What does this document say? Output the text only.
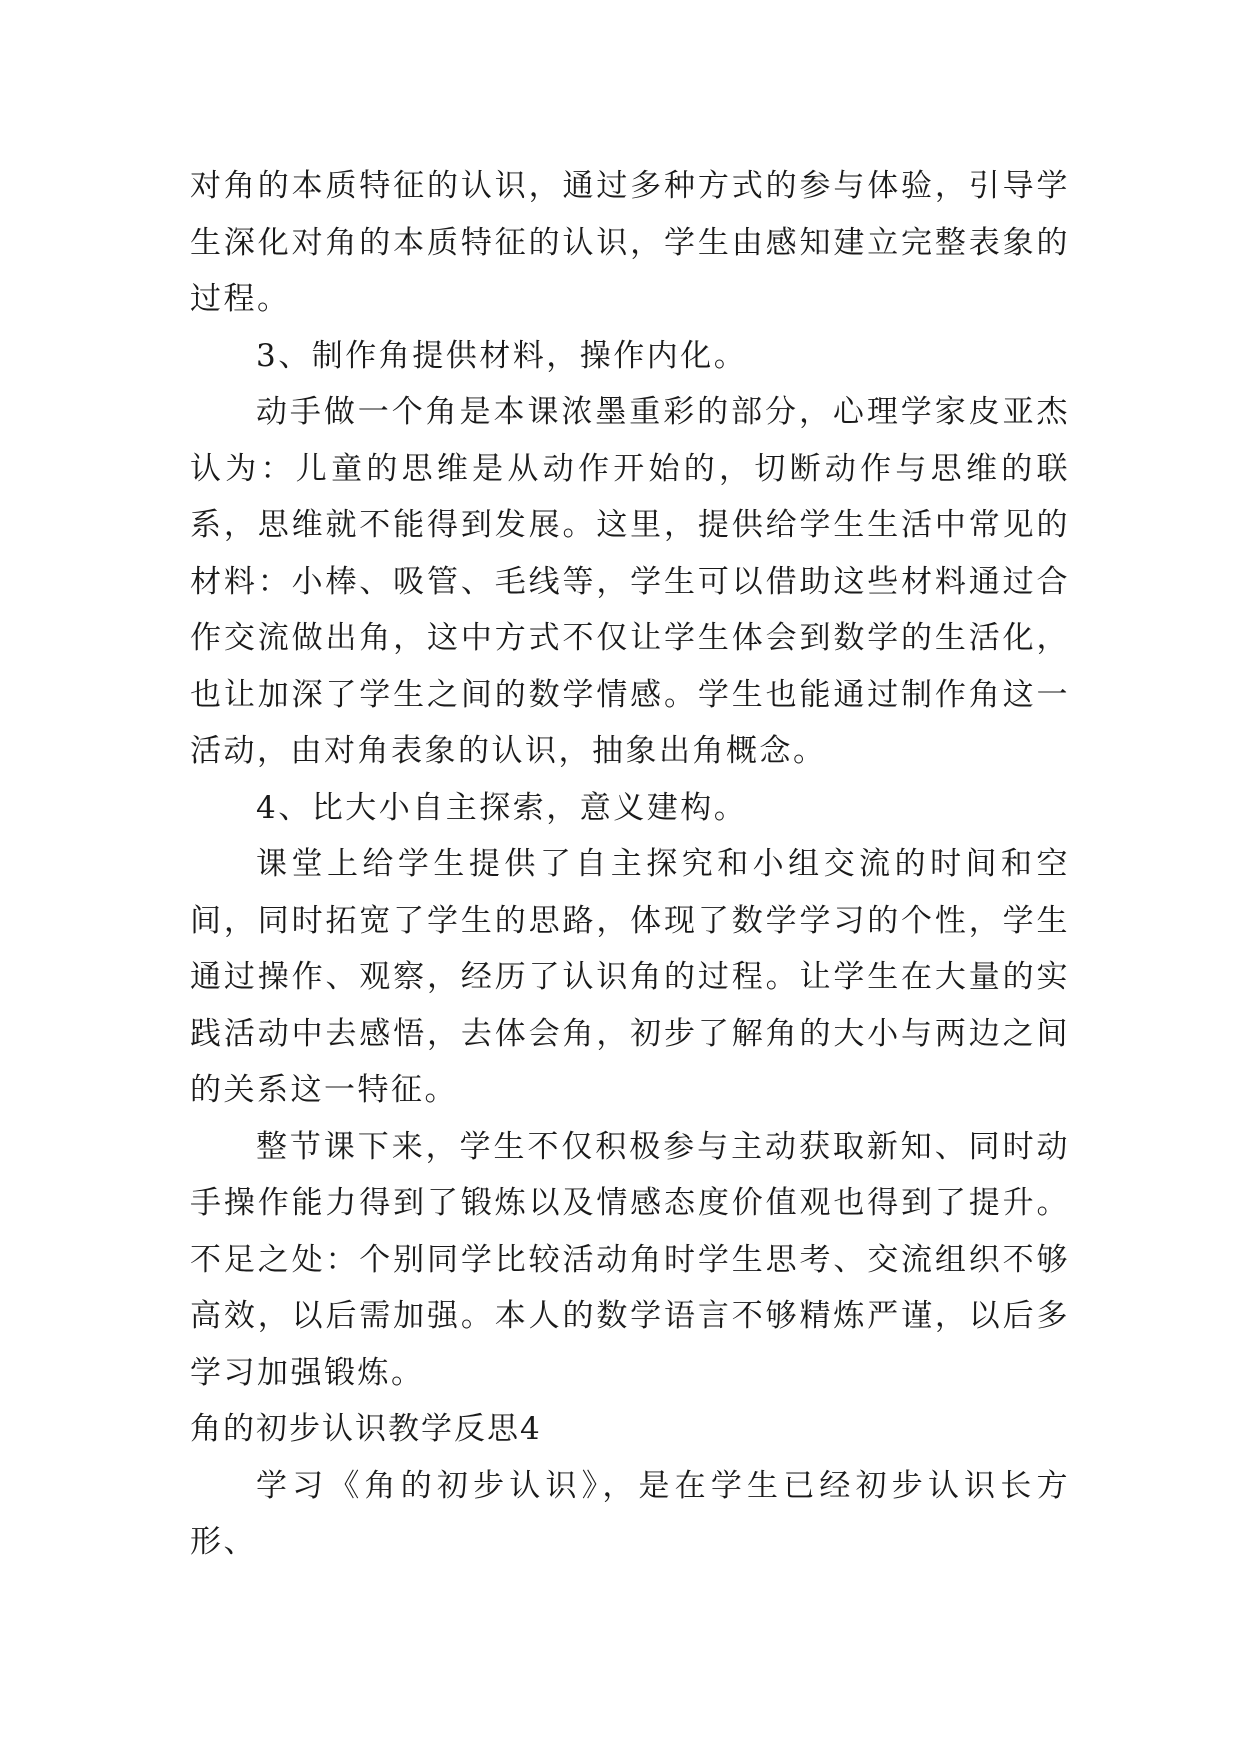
对角的本质特征的认识，通过多种方式的参与体验，引导学生深化对角的本质特征的认识，学生由感知建立完整表象的过程。

3、制作角提供材料，操作内化。

动手做一个角是本课浓墨重彩的部分，心理学家皮亚杰认为：儿童的思维是从动作开始的，切断动作与思维的联系，思维就不能得到发展。这里，提供给学生生活中常见的材料：小棒、吸管、毛线等，学生可以借助这些材料通过合作交流做出角，这中方式不仅让学生体会到数学的生活化，也让加深了学生之间的数学情感。学生也能通过制作角这一活动，由对角表象的认识，抽象出角概念。

4、比大小自主探索，意义建构。

课堂上给学生提供了自主探究和小组交流的时间和空间，同时拓宽了学生的思路，体现了数学学习的个性，学生通过操作、观察，经历了认识角的过程。让学生在大量的实践活动中去感悟，去体会角，初步了解角的大小与两边之间的关系这一特征。

整节课下来，学生不仅积极参与主动获取新知、同时动手操作能力得到了锻炼以及情感态度价值观也得到了提升。不足之处：个别同学比较活动角时学生思考、交流组织不够高效，以后需加强。本人的数学语言不够精炼严谨，以后多学习加强锻炼。

角的初步认识教学反思4

学习《角的初步认识》，是在学生已经初步认识长方形、
